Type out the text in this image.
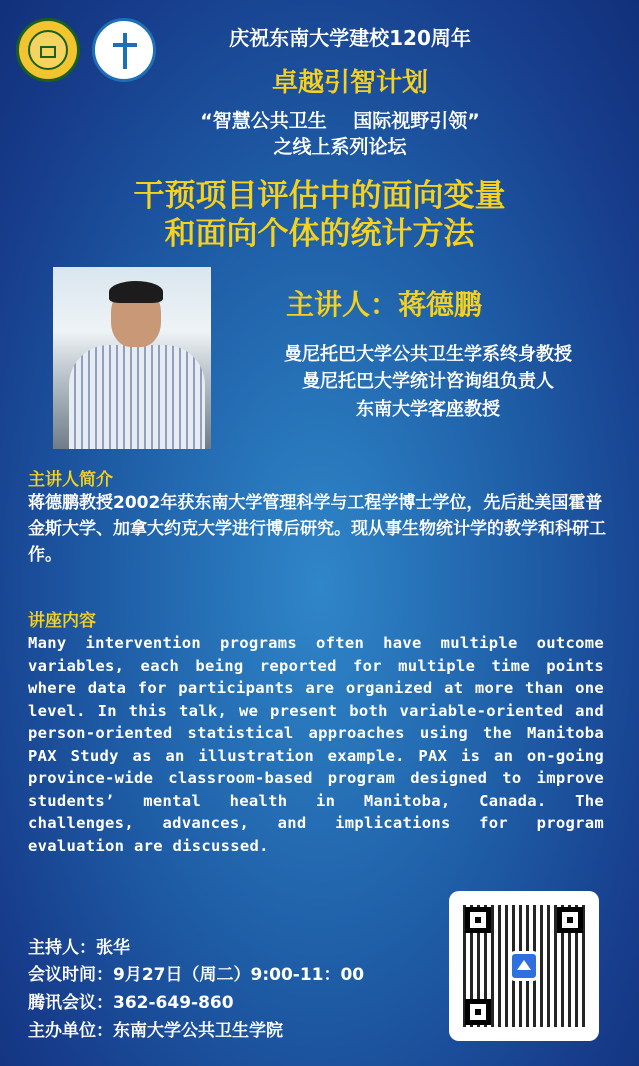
庆祝东南大学建校120周年
卓越引智计划
“智慧公共卫生    国际视野引领”
之线上系列论坛
干预项目评估中的面向变量
和面向个体的统计方法
主讲人：蒋德鹏
曼尼托巴大学公共卫生学系终身教授
曼尼托巴大学统计咨询组负责人
东南大学客座教授
主讲人简介
蒋德鹏教授2002年获东南大学管理科学与工程学博士学位，先后赴美国霍普金斯大学、加拿大约克大学进行博后研究。现从事生物统计学的教学和科研工作。
讲座内容
Many intervention programs often have multiple outcome variables, each being reported for multiple time points where data for participants are organized at more than one level. In this talk, we present both variable-oriented and person-oriented statistical approaches using the Manitoba PAX Study as an illustration example. PAX is an on-going province-wide classroom-based program designed to improve students’ mental health in Manitoba, Canada. The challenges, advances, and implications for program evaluation are discussed.
主持人：张华
会议时间：9月27日（周二）9:00-11：00
腾讯会议：362-649-860
主办单位：东南大学公共卫生学院
